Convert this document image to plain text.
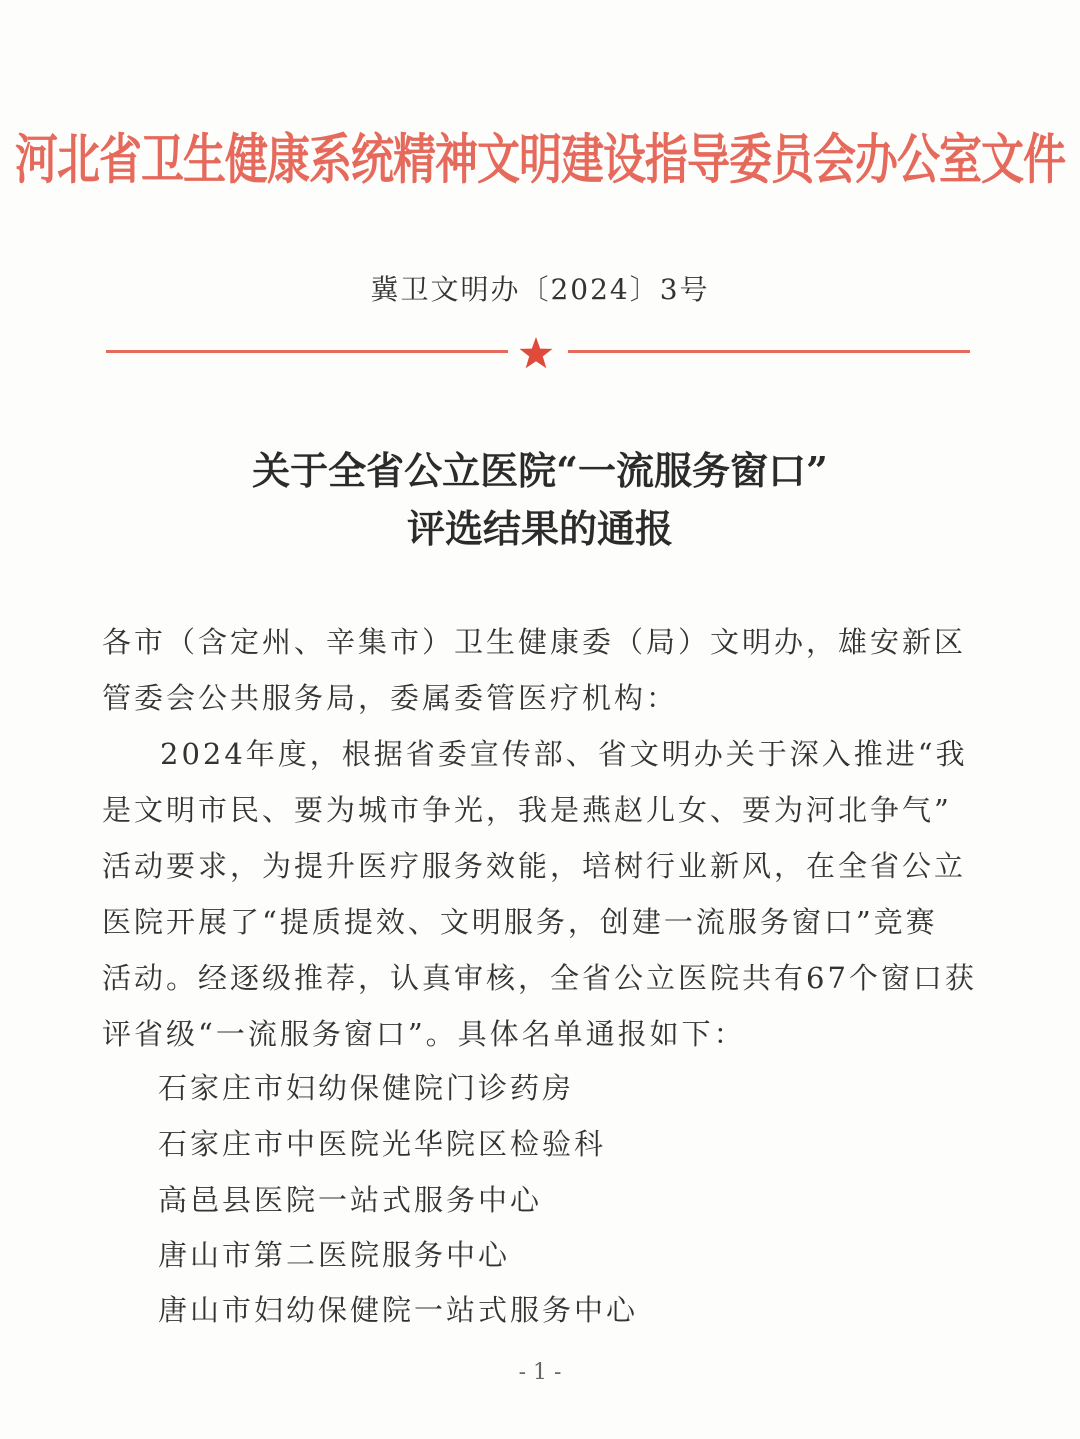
河北省卫生健康系统精神文明建设指导委员会办公室文件
冀卫文明办〔2024〕3号
关于全省公立医院“一流服务窗口”
评选结果的通报
各市（含定州、辛集市）卫生健康委（局）文明办，雄安新区
管委会公共服务局，委属委管医疗机构：
2024年度，根据省委宣传部、省文明办关于深入推进“我
是文明市民、要为城市争光，我是燕赵儿女、要为河北争气”
活动要求，为提升医疗服务效能，培树行业新风，在全省公立
医院开展了“提质提效、文明服务，创建一流服务窗口”竞赛
活动。经逐级推荐，认真审核，全省公立医院共有67个窗口获
评省级“一流服务窗口”。具体名单通报如下：
石家庄市妇幼保健院门诊药房
石家庄市中医院光华院区检验科
高邑县医院一站式服务中心
唐山市第二医院服务中心
唐山市妇幼保健院一站式服务中心
- 1 -
